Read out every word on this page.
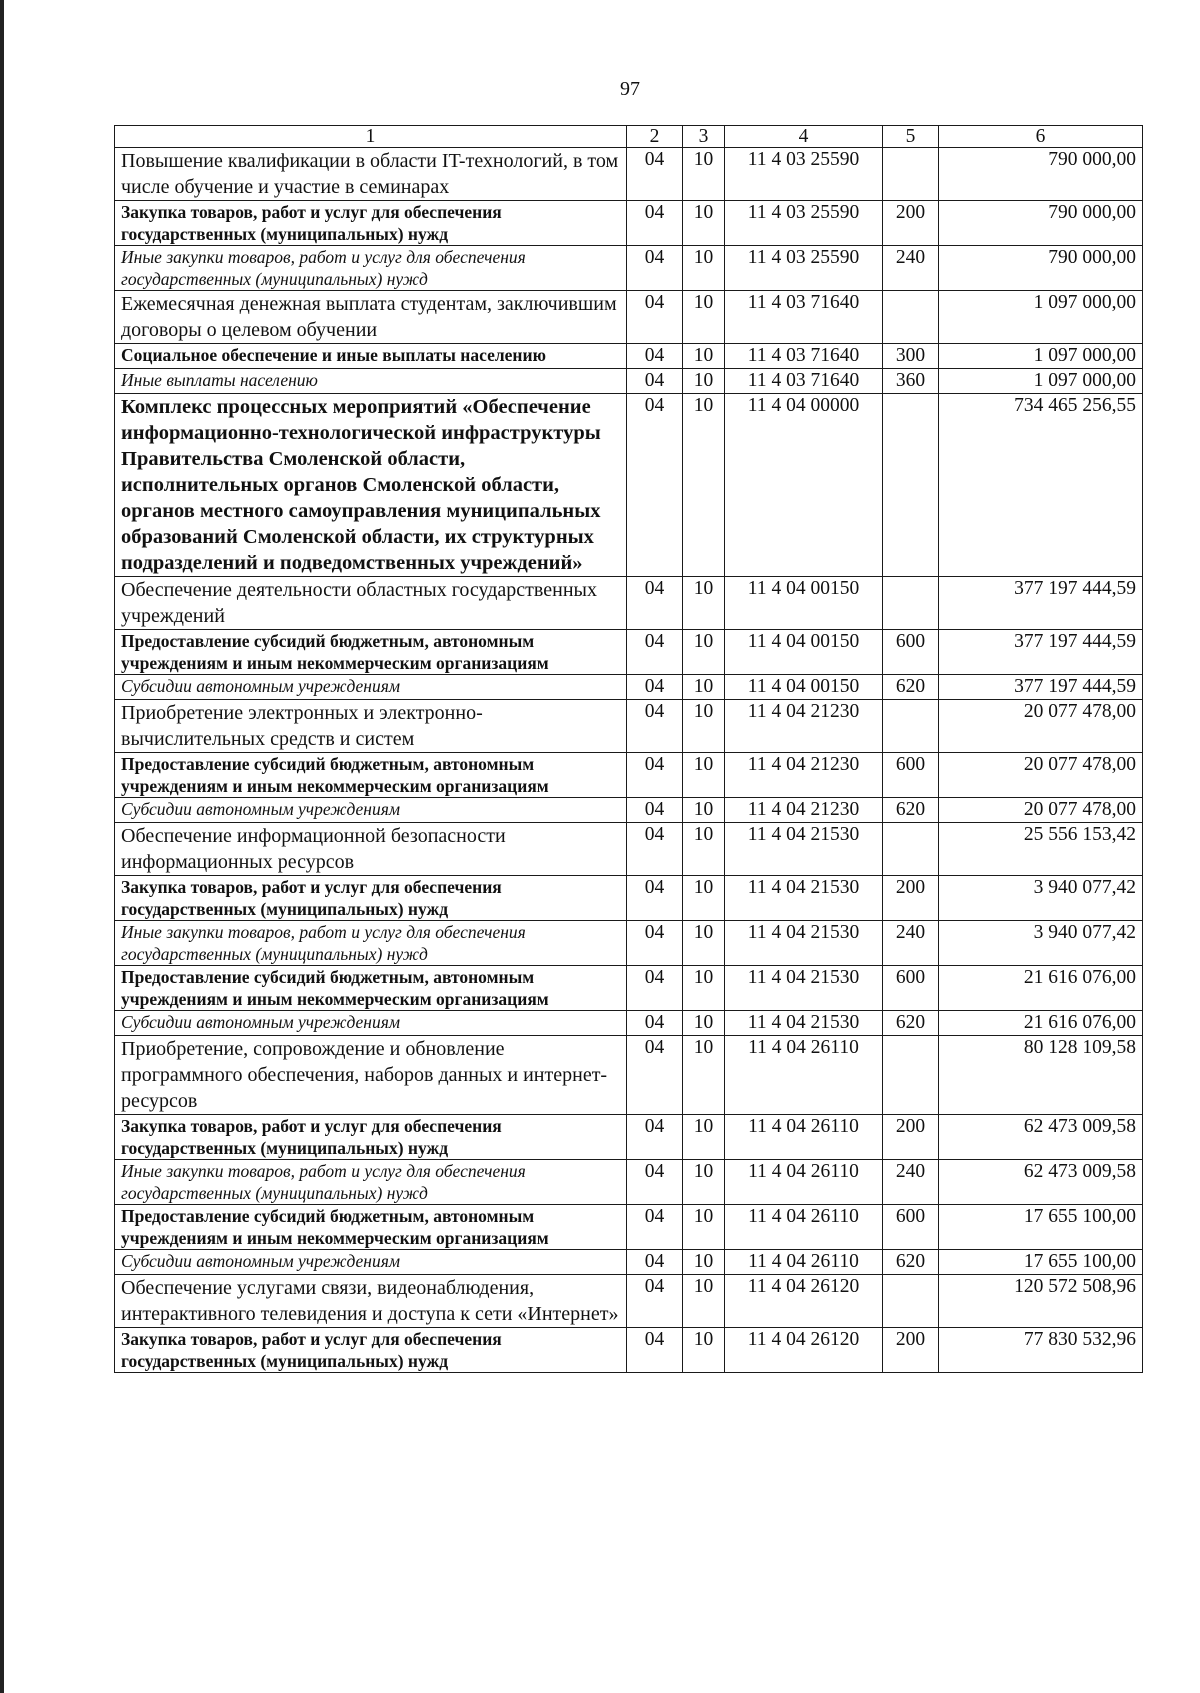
97
1	2	3	4	5	6
Повышение квалификации в области IT-технологий, в том числе обучение и участие в семинарах	04	10	11 4 03 25590		790 000,00
Закупка товаров, работ и услуг для обеспечения государственных (муниципальных) нужд	04	10	11 4 03 25590	200	790 000,00
Иные закупки товаров, работ и услуг для обеспечения государственных (муниципальных) нужд	04	10	11 4 03 25590	240	790 000,00
Ежемесячная денежная выплата студентам, заключившим договоры о целевом обучении	04	10	11 4 03 71640		1 097 000,00
Социальное обеспечение и иные выплаты населению	04	10	11 4 03 71640	300	1 097 000,00
Иные выплаты населению	04	10	11 4 03 71640	360	1 097 000,00
Комплекс процессных мероприятий «Обеспечение информационно-технологической инфраструктуры Правительства Смоленской области, исполнительных органов Смоленской области, органов местного самоуправления муниципальных образований Смоленской области, их структурных подразделений и подведомственных учреждений»	04	10	11 4 04 00000		734 465 256,55
Обеспечение деятельности областных государственных учреждений	04	10	11 4 04 00150		377 197 444,59
Предоставление субсидий бюджетным, автономным учреждениям и иным некоммерческим организациям	04	10	11 4 04 00150	600	377 197 444,59
Субсидии автономным учреждениям	04	10	11 4 04 00150	620	377 197 444,59
Приобретение электронных и электронно-вычислительных средств и систем	04	10	11 4 04 21230		20 077 478,00
Предоставление субсидий бюджетным, автономным учреждениям и иным некоммерческим организациям	04	10	11 4 04 21230	600	20 077 478,00
Субсидии автономным учреждениям	04	10	11 4 04 21230	620	20 077 478,00
Обеспечение информационной безопасности информационных ресурсов	04	10	11 4 04 21530		25 556 153,42
Закупка товаров, работ и услуг для обеспечения государственных (муниципальных) нужд	04	10	11 4 04 21530	200	3 940 077,42
Иные закупки товаров, работ и услуг для обеспечения государственных (муниципальных) нужд	04	10	11 4 04 21530	240	3 940 077,42
Предоставление субсидий бюджетным, автономным учреждениям и иным некоммерческим организациям	04	10	11 4 04 21530	600	21 616 076,00
Субсидии автономным учреждениям	04	10	11 4 04 21530	620	21 616 076,00
Приобретение, сопровождение и обновление программного обеспечения, наборов данных и интернет-ресурсов	04	10	11 4 04 26110		80 128 109,58
Закупка товаров, работ и услуг для обеспечения государственных (муниципальных) нужд	04	10	11 4 04 26110	200	62 473 009,58
Иные закупки товаров, работ и услуг для обеспечения государственных (муниципальных) нужд	04	10	11 4 04 26110	240	62 473 009,58
Предоставление субсидий бюджетным, автономным учреждениям и иным некоммерческим организациям	04	10	11 4 04 26110	600	17 655 100,00
Субсидии автономным учреждениям	04	10	11 4 04 26110	620	17 655 100,00
Обеспечение услугами связи, видеонаблюдения, интерактивного телевидения и доступа к сети «Интернет»	04	10	11 4 04 26120		120 572 508,96
Закупка товаров, работ и услуг для обеспечения государственных (муниципальных) нужд	04	10	11 4 04 26120	200	77 830 532,96
